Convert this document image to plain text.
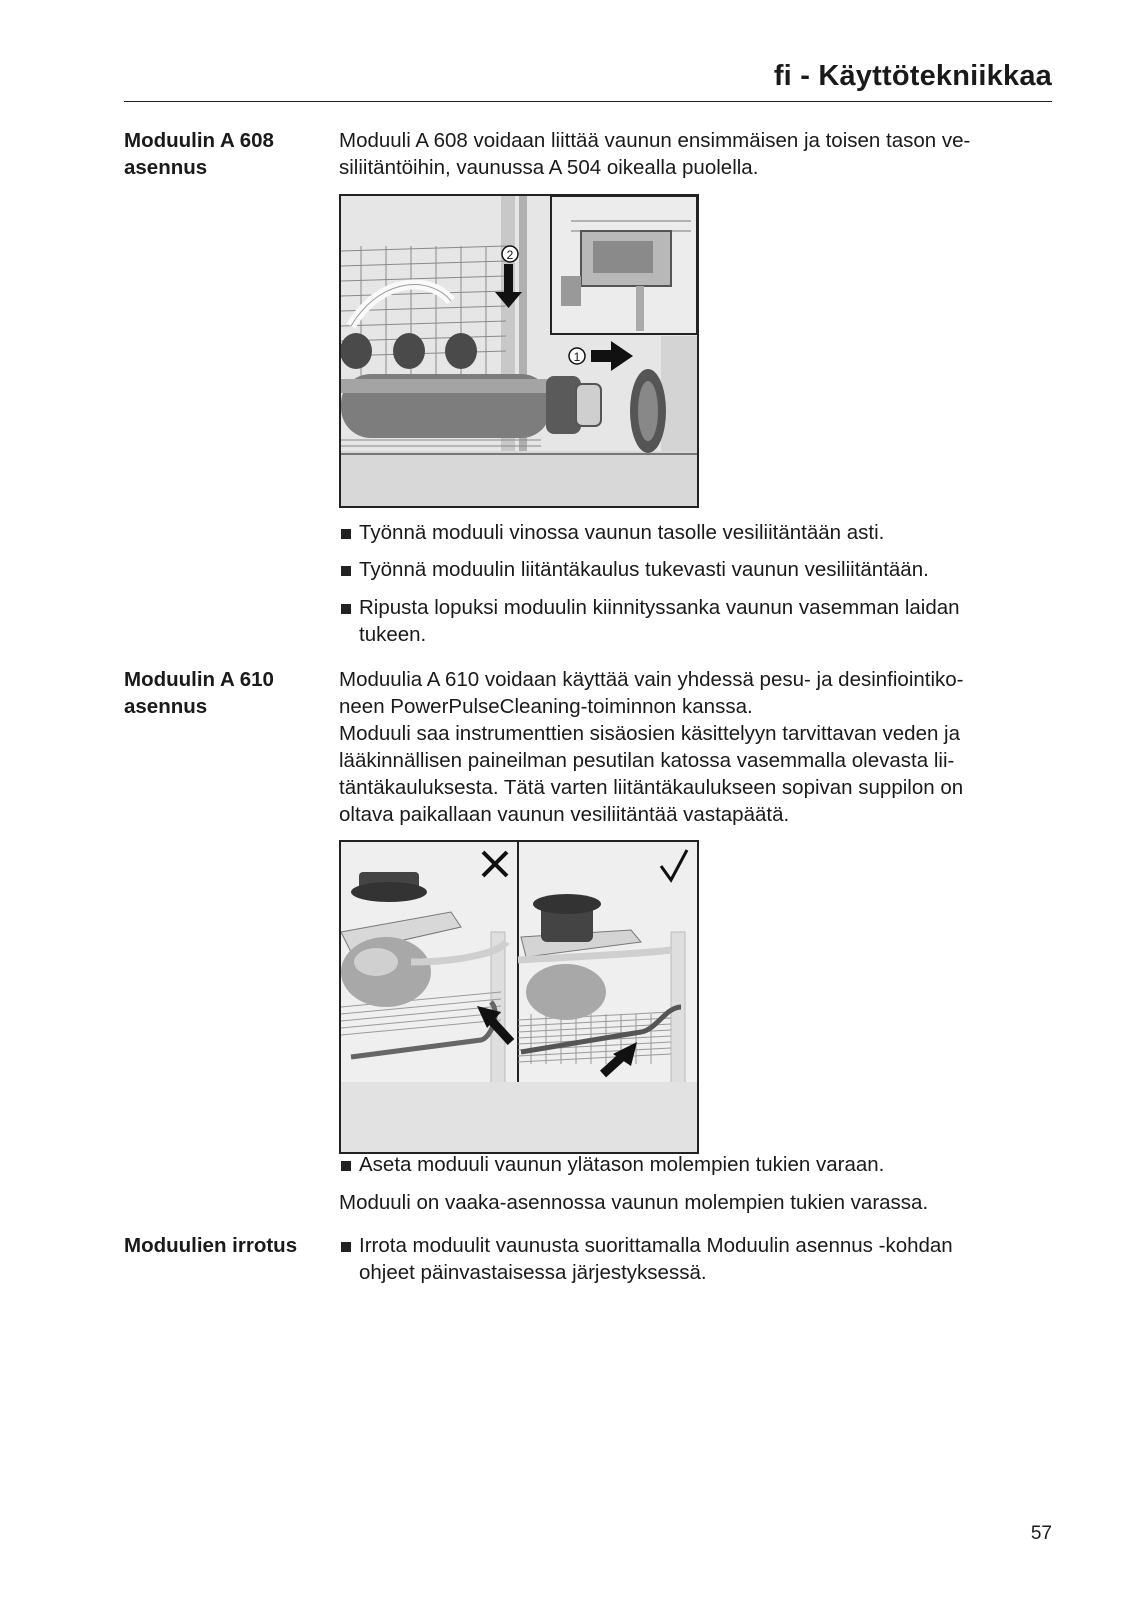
fi - Käyttötekniikkaa
Moduulin A 608
asennus

Moduuli A 608 voidaan liittää vaunun ensimmäisen ja toisen tason ve-

siliitäntöihin, vaunussa A 504 oikealla puolella.

2
1
Työnnä moduuli vinossa vaunun tasolle vesiliitäntään asti.
Työnnä moduulin liitäntäkaulus tukevasti vaunun vesiliitäntään.
Ripusta lopuksi moduulin kiinnityssanka vaunun vasemman laidan
tukeen.
Moduulin A 610
asennus

Moduulia A 610 voidaan käyttää vain yhdessä pesu- ja desinfiointiko-

neen PowerPulseCleaning-toiminnon kanssa.

Moduuli saa instrumenttien sisäosien käsittelyyn tarvittavan veden ja

lääkinnällisen paineilman pesutilan katossa vasemmalla olevasta lii-

täntäkauluksesta. Tätä varten liitäntäkaulukseen sopivan suppilon on

oltava paikallaan vaunun vesiliitäntää vastapäätä.

Aseta moduuli vaunun ylätason molempien tukien varaan.

Moduuli on vaaka-asennossa vaunun molempien tukien varassa.

Moduulien irrotus	Irrota moduulit vaunusta suorittamalla Moduulin asennus -kohdan
ohjeet päinvastaisessa järjestyksessä.
57
